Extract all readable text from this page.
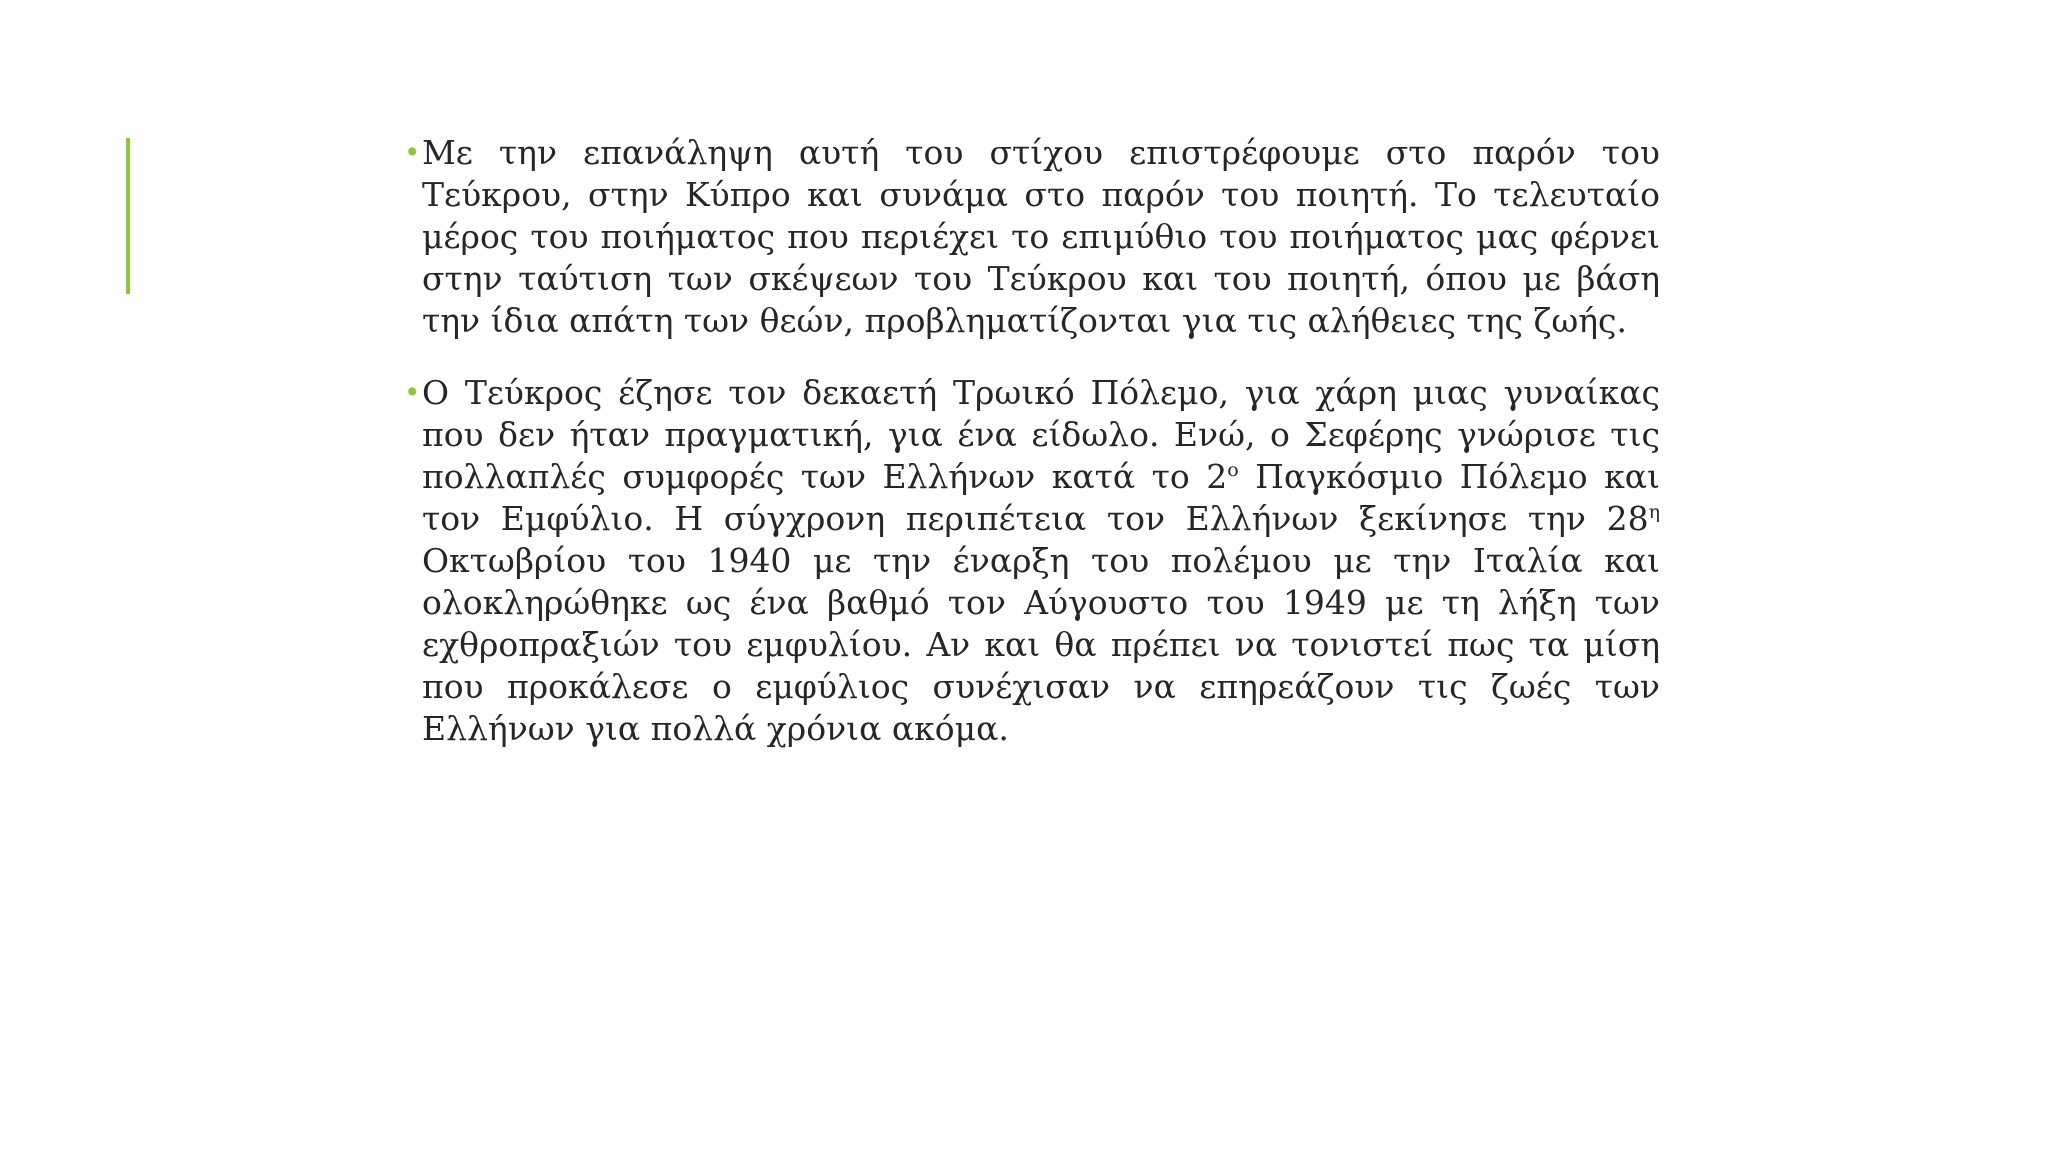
• Με την επανάληψη αυτή του στίχου επιστρέφουμε στο παρόν του Τεύκρου, στην Κύπρο και συνάμα στο παρόν του ποιητή. Το τελευταίο μέρος του ποιήματος που περιέχει το επιμύθιο του ποιήματος μας φέρνει στην ταύτιση των σκέψεων του Τεύκρου και του ποιητή, όπου με βάση την ίδια απάτη των θεών, προβληματίζονται για τις αλήθειες της ζωής.

• Ο Τεύκρος έζησε τον δεκαετή Τρωικό Πόλεμο, για χάρη μιας γυναίκας που δεν ήταν πραγματική, για ένα είδωλο. Ενώ, ο Σεφέρης γνώρισε τις πολλαπλές συμφορές των Ελλήνων κατά το $2^o$ Παγκόσμιο Πόλεμο και τον Εμφύλιο. Η σύγχρονη περιπέτεια τον Ελλήνων ξεκίνησε την $28^\eta$ Οκτωβρίου του 1940 με την έναρξη του πολέμου με την Ιταλία και ολοκληρώθηκε ως ένα βαθμό τον Αύγουστο του 1949 με τη λήξη των εχθροπραξιών του εμφυλίου. Αν και θα πρέπει να τονιστεί πως τα μίση που προκάλεσε ο εμφύλιος συνέχισαν να επηρεάζουν τις ζωές των Ελλήνων για πολλά χρόνια ακόμα.
